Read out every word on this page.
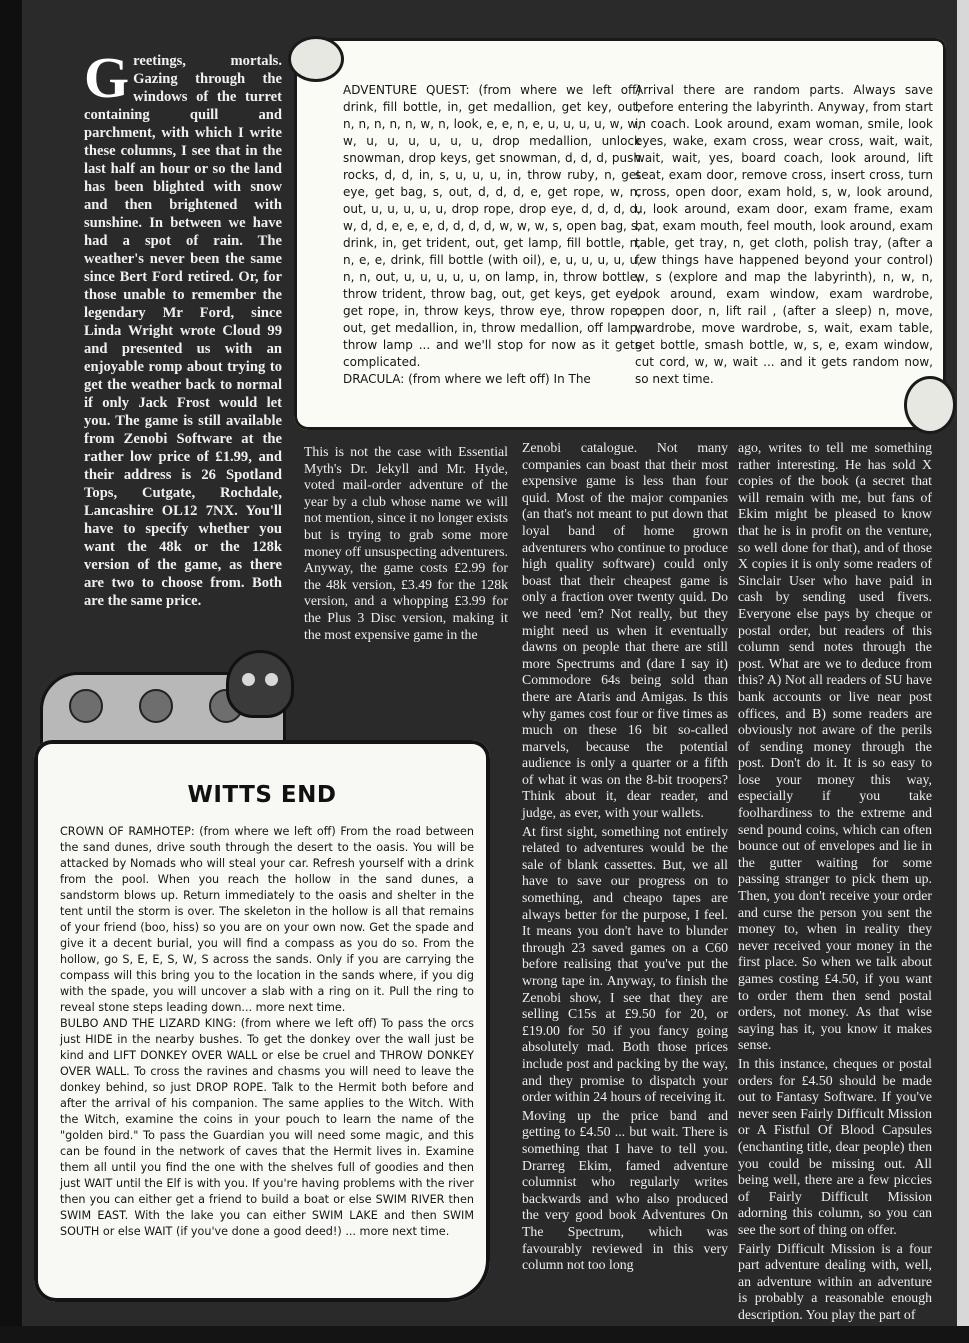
Greetings, mortals. Gazing through the windows of the turret containing quill and parchment, with which I write these columns, I see that in the last half an hour or so the land has been blighted with snow and then brightened with sunshine. In between we have had a spot of rain. The weather's never been the same since Bert Ford retired. Or, for those unable to remember the legendary Mr Ford, since Linda Wright wrote Cloud 99 and presented us with an enjoyable romp about trying to get the weather back to normal if only Jack Frost would let you. The game is still available from Zenobi Software at the rather low price of £1.99, and their address is 26 Spotland Tops, Cutgate, Rochdale, Lancashire OL12 7NX. You'll have to specify whether you want the 48k or the 128k version of the game, as there are two to choose from. Both are the same price.
ADVENTURE QUEST: (from where we left off) drink, fill bottle, in, get medallion, get key, out, n, n, n, n, n, w, n, look, e, e, n, e, u, u, u, u, w, w, w, u, u, u, u, u, u, drop medallion, unlock snowman, drop keys, get snowman, d, d, d, push rocks, d, d, in, s, u, u, u, in, throw ruby, n, get eye, get bag, s, out, d, d, d, e, get rope, w, n, out, u, u, u, u, u, drop rope, drop eye, d, d, d, d, w, d, d, e, e, e, d, d, d, d, w, w, w, s, open bag, s, drink, in, get trident, out, get lamp, fill bottle, n, n, e, e, drink, fill bottle (with oil), e, u, u, u, u, u, n, n, out, u, u, u, u, u, on lamp, in, throw bottle, throw trident, throw bag, out, get keys, get eye, get rope, in, throw keys, throw eye, throw rope, out, get medallion, in, throw medallion, off lamp, throw lamp ... and we'll stop for now as it gets complicated.
DRACULA: (from where we left off) In The
Arrival there are random parts. Always save before entering the labyrinth. Anyway, from start in coach. Look around, exam woman, smile, look eyes, wake, exam cross, wear cross, wait, wait, wait, wait, yes, board coach, look around, lift seat, exam door, remove cross, insert cross, turn cross, open door, exam hold, s, w, look around, u, look around, exam door, exam frame, exam bat, exam mouth, feel mouth, look around, exam table, get tray, n, get cloth, polish tray, (after a few things have happened beyond your control) w, s (explore and map the labyrinth), n, w, n, look around, exam window, exam wardrobe, open door, n, lift rail , (after a sleep) n, move, wardrobe, move wardrobe, s, wait, exam table, get bottle, smash bottle, w, s, e, exam window, cut cord, w, w, wait ... and it gets random now, so next time.

This is not the case with Essential Myth's Dr. Jekyll and Mr. Hyde, voted mail-order adventure of the year by a club whose name we will not mention, since it no longer exists but is trying to grab some more money off unsuspecting adventurers. Anyway, the game costs £2.99 for the 48k version, £3.49 for the 128k version, and a whopping £3.99 for the Plus 3 Disc version, making it the most expensive game in the

Zenobi catalogue. Not many companies can boast that their most expensive game is less than four quid. Most of the major companies (an that's not meant to put down that loyal band of home grown adventurers who continue to produce high quality software) could only boast that their cheapest game is only a fraction over twenty quid. Do we need 'em? Not really, but they might need us when it eventually dawns on people that there are still more Spectrums and (dare I say it) Commodore 64s being sold than there are Ataris and Amigas. Is this why games cost four or five times as much on these 16 bit so-called marvels, because the potential audience is only a quarter or a fifth of what it was on the 8-bit troopers? Think about it, dear reader, and judge, as ever, with your wallets.

At first sight, something not entirely related to adventures would be the sale of blank cassettes. But, we all have to save our progress on to something, and cheapo tapes are always better for the purpose, I feel. It means you don't have to blunder through 23 saved games on a C60 before realising that you've put the wrong tape in. Anyway, to finish the Zenobi show, I see that they are selling C15s at £9.50 for 20, or £19.00 for 50 if you fancy going absolutely mad. Both those prices include post and packing by the way, and they promise to dispatch your order within 24 hours of receiving it.

Moving up the price band and getting to £4.50 ... but wait. There is something that I have to tell you. Drarreg Ekim, famed adventure columnist who regularly writes backwards and who also produced the very good book Adventures On The Spectrum, which was favourably reviewed in this very column not too long

ago, writes to tell me something rather interesting. He has sold X copies of the book (a secret that will remain with me, but fans of Ekim might be pleased to know that he is in profit on the venture, so well done for that), and of those X copies it is only some readers of Sinclair User who have paid in cash by sending used fivers. Everyone else pays by cheque or postal order, but readers of this column send notes through the post. What are we to deduce from this? A) Not all readers of SU have bank accounts or live near post offices, and B) some readers are obviously not aware of the perils of sending money through the post. Don't do it. It is so easy to lose your money this way, especially if you take foolhardiness to the extreme and send pound coins, which can often bounce out of envelopes and lie in the gutter waiting for some passing stranger to pick them up. Then, you don't receive your order and curse the person you sent the money to, when in reality they never received your money in the first place. So when we talk about games costing £4.50, if you want to order them then send postal orders, not money. As that wise saying has it, you know it makes sense.

In this instance, cheques or postal orders for £4.50 should be made out to Fantasy Software. If you've never seen Fairly Difficult Mission or A Fistful Of Blood Capsules (enchanting title, dear people) then you could be missing out. All being well, there are a few piccies of Fairly Difficult Mission adorning this column, so you can see the sort of thing on offer.

Fairly Difficult Mission is a four part adventure dealing with, well, an adventure within an adventure is probably a reasonable enough description. You play the part of

WITTS END

CROWN OF RAMHOTEP: (from where we left off) From the road between the sand dunes, drive south through the desert to the oasis. You will be attacked by Nomads who will steal your car. Refresh yourself with a drink from the pool. When you reach the hollow in the sand dunes, a sandstorm blows up. Return immediately to the oasis and shelter in the tent until the storm is over. The skeleton in the hollow is all that remains of your friend (boo, hiss) so you are on your own now. Get the spade and give it a decent burial, you will find a compass as you do so. From the hollow, go S, E, E, S, W, S across the sands. Only if you are carrying the compass will this bring you to the location in the sands where, if you dig with the spade, you will uncover a slab with a ring on it. Pull the ring to reveal stone steps leading down... more next time.

BULBO AND THE LIZARD KING: (from where we left off) To pass the orcs just HIDE in the nearby bushes. To get the donkey over the wall just be kind and LIFT DONKEY OVER WALL or else be cruel and THROW DONKEY OVER WALL. To cross the ravines and chasms you will need to leave the donkey behind, so just DROP ROPE. Talk to the Hermit both before and after the arrival of his companion. The same applies to the Witch. With the Witch, examine the coins in your pouch to learn the name of the "golden bird." To pass the Guardian you will need some magic, and this can be found in the network of caves that the Hermit lives in. Examine them all until you find the one with the shelves full of goodies and then just WAIT until the Elf is with you. If you're having problems with the river then you can either get a friend to build a boat or else SWIM RIVER then SWIM EAST. With the lake you can either SWIM LAKE and then SWIM SOUTH or else WAIT (if you've done a good deed!) ... more next time.
